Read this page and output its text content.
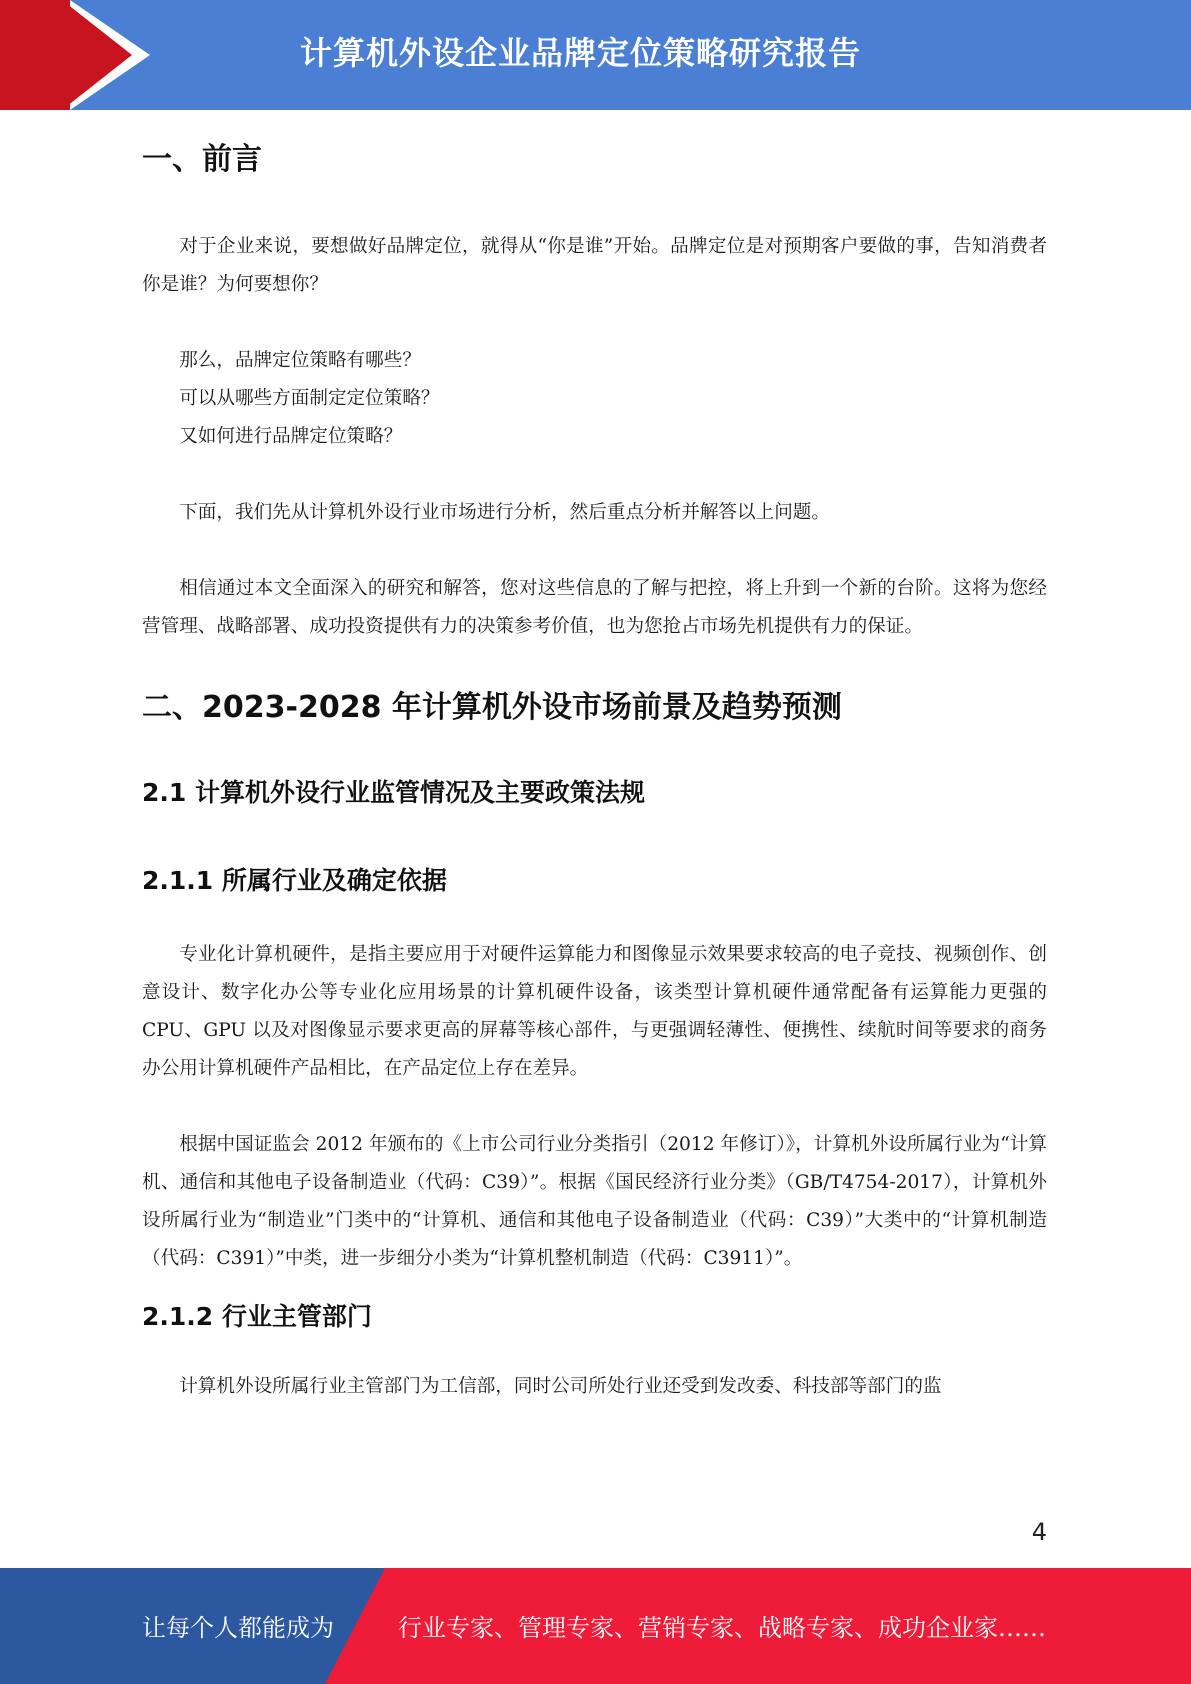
计算机外设企业品牌定位策略研究报告
一、前言

对于企业来说，要想做好品牌定位，就得从“你是谁”开始。品牌定位是对预期客户要做的事，告知消费者你是谁？为何要想你？

那么，品牌定位策略有哪些？

可以从哪些方面制定定位策略？

又如何进行品牌定位策略？

下面，我们先从计算机外设行业市场进行分析，然后重点分析并解答以上问题。

相信通过本文全面深入的研究和解答，您对这些信息的了解与把控，将上升到一个新的台阶。这将为您经营管理、战略部署、成功投资提供有力的决策参考价值，也为您抢占市场先机提供有力的保证。

二、2023-2028 年计算机外设市场前景及趋势预测
2.1 计算机外设行业监管情况及主要政策法规
2.1.1 所属行业及确定依据

专业化计算机硬件，是指主要应用于对硬件运算能力和图像显示效果要求较高的电子竞技、视频创作、创意设计、数字化办公等专业化应用场景的计算机硬件设备，该类型计算机硬件通常配备有运算能力更强的 CPU、GPU 以及对图像显示要求更高的屏幕等核心部件，与更强调轻薄性、便携性、续航时间等要求的商务办公用计算机硬件产品相比，在产品定位上存在差异。

根据中国证监会 2012 年颁布的《上市公司行业分类指引（2012 年修订）》，计算机外设所属行业为“计算机、通信和其他电子设备制造业（代码：C39）”。根据《国民经济行业分类》（GB/T4754-2017），计算机外设所属行业为“制造业”门类中的“计算机、通信和其他电子设备制造业（代码：C39）”大类中的“计算机制造（代码：C391）”中类，进一步细分小类为“计算机整机制造（代码：C3911）”。

2.1.2 行业主管部门

计算机外设所属行业主管部门为工信部，同时公司所处行业还受到发改委、科技部等部门的监

4
让每个人都能成为	行业专家、管理专家、营销专家、战略专家、成功企业家……
